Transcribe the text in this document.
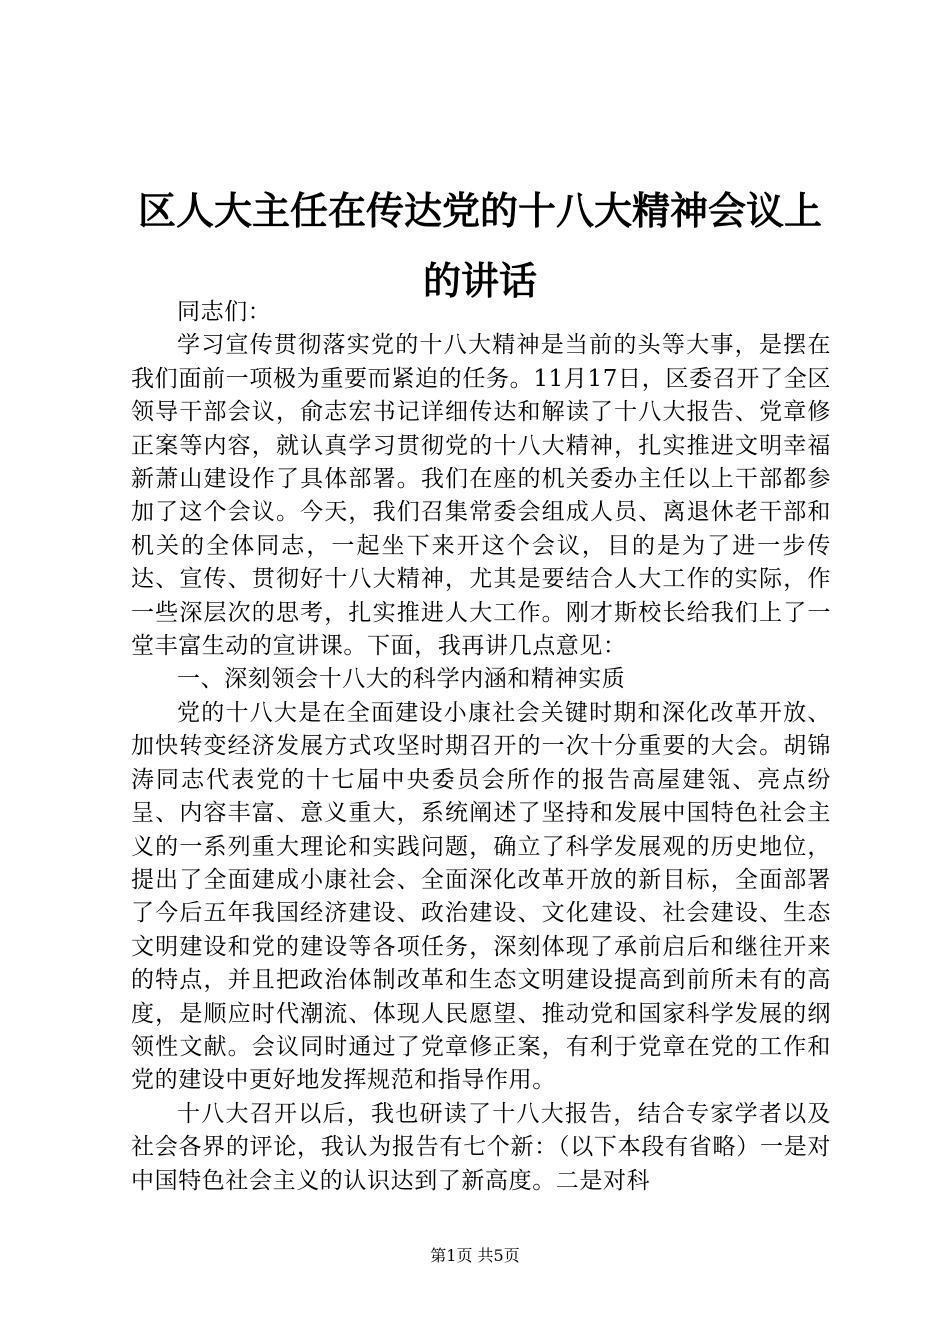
区人大主任在传达党的十八大精神会议上的讲话

同志们：

学习宣传贯彻落实党的十八大精神是当前的头等大事，是摆在我们面前一项极为重要而紧迫的任务。11月17日，区委召开了全区领导干部会议，俞志宏书记详细传达和解读了十八大报告、党章修正案等内容，就认真学习贯彻党的十八大精神，扎实推进文明幸福新萧山建设作了具体部署。我们在座的机关委办主任以上干部都参加了这个会议。今天，我们召集常委会组成人员、离退休老干部和机关的全体同志，一起坐下来开这个会议，目的是为了进一步传达、宣传、贯彻好十八大精神，尤其是要结合人大工作的实际，作一些深层次的思考，扎实推进人大工作。刚才斯校长给我们上了一堂丰富生动的宣讲课。下面，我再讲几点意见：

一、深刻领会十八大的科学内涵和精神实质

党的十八大是在全面建设小康社会关键时期和深化改革开放、加快转变经济发展方式攻坚时期召开的一次十分重要的大会。胡锦涛同志代表党的十七届中央委员会所作的报告高屋建瓴、亮点纷呈、内容丰富、意义重大，系统阐述了坚持和发展中国特色社会主义的一系列重大理论和实践问题，确立了科学发展观的历史地位，提出了全面建成小康社会、全面深化改革开放的新目标，全面部署了今后五年我国经济建设、政治建设、文化建设、社会建设、生态文明建设和党的建设等各项任务，深刻体现了承前启后和继往开来的特点，并且把政治体制改革和生态文明建设提高到前所未有的高度，是顺应时代潮流、体现人民愿望、推动党和国家科学发展的纲领性文献。会议同时通过了党章修正案，有利于党章在党的工作和党的建设中更好地发挥规范和指导作用。

十八大召开以后，我也研读了十八大报告，结合专家学者以及社会各界的评论，我认为报告有七个新：（以下本段有省略）一是对中国特色社会主义的认识达到了新高度。二是对科

第1页 共5页
